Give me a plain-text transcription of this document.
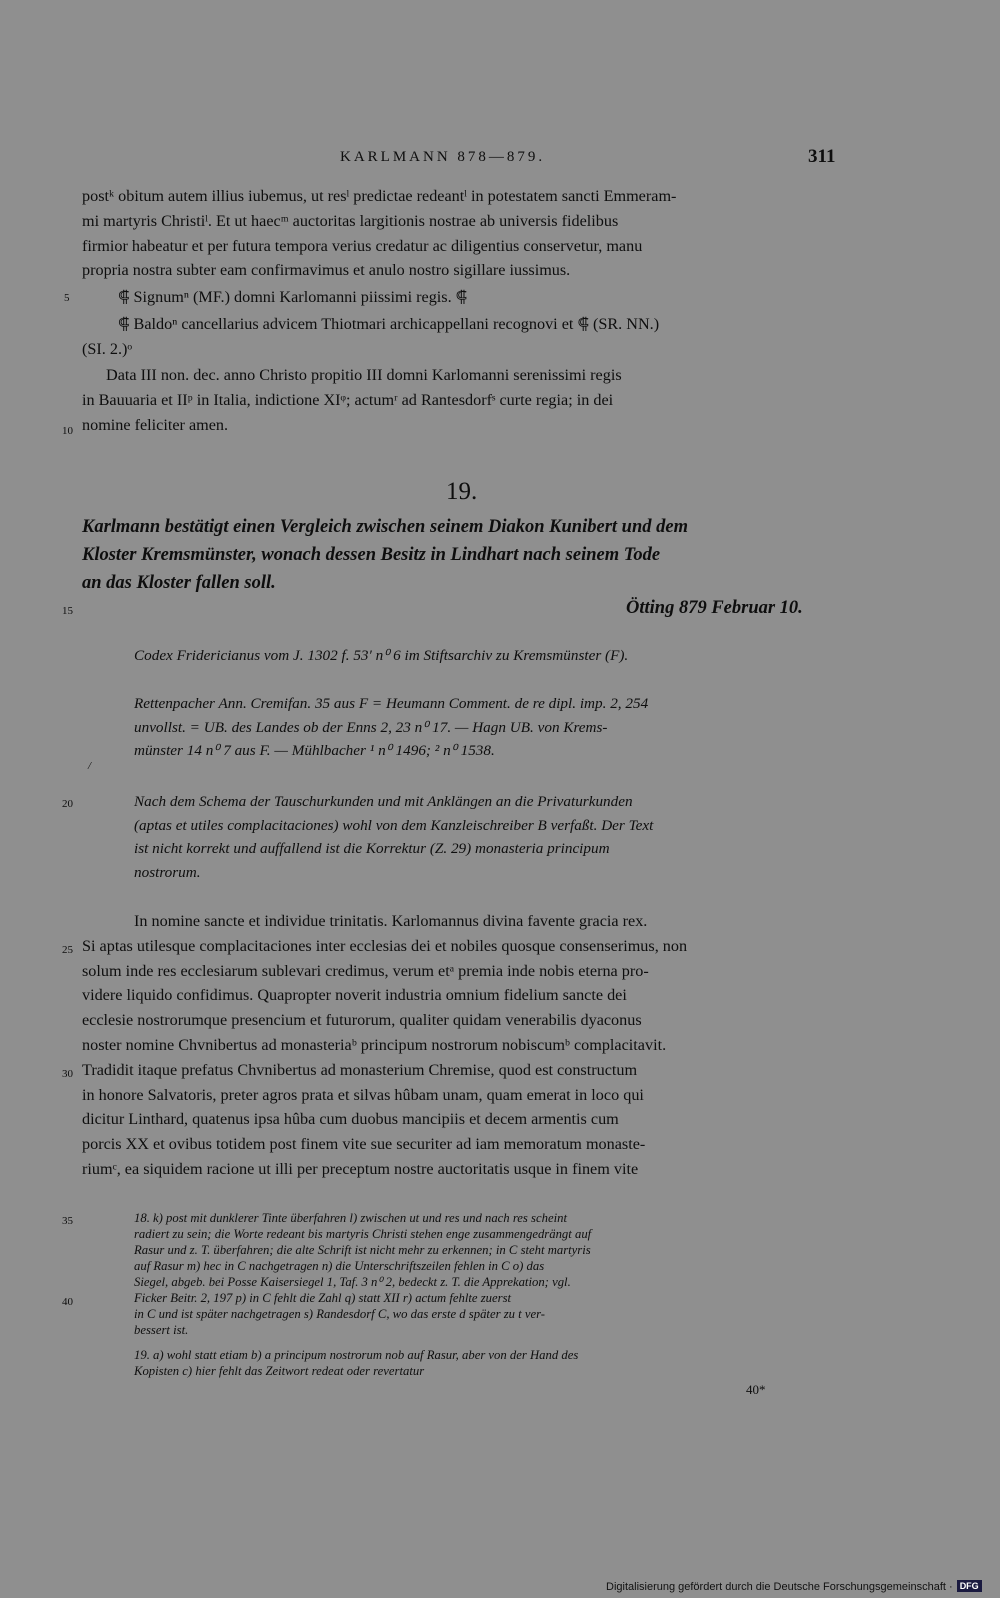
KARLMANN 878—879.	311
postᵏ obitum autem illius iubemus, ut resˡ predictae redeantˡ in potestatem sancti Emmeram-
mi martyris Christiˡ. Et ut haecᵐ auctoritas largitionis nostrae ab universis fidelibus
firmior habeatur et per futura tempora verius credatur ac diligentius conservetur, manu
propria nostra subter eam confirmavimus et anulo nostro sigillare iussimus.
5	⸿ Signumⁿ (MF.) domni Karlomanni piissimi regis. ⸿
⸿ Baldoⁿ cancellarius advicem Thiotmari archicappellani recognovi et ⸿ (SR. NN.)
(SI. 2.)ᵒ
Data III non. dec. anno Christo propitio III domni Karlomanni serenissimi regis
in Bauuaria et IIᵖ in Italia, indictione XIᵠ; actumʳ ad Rantesdorfˢ curte regia; in dei
nomine feliciter amen.
10
19.
Karlmann bestätigt einen Vergleich zwischen seinem Diakon Kunibert und dem
Kloster Kremsmünster, wonach dessen Besitz in Lindhart nach seinem Tode
an das Kloster fallen soll.
15	Ötting 879 Februar 10.
Codex Fridericianus vom J. 1302 f. 53′ n⁰ 6 im Stiftsarchiv zu Kremsmünster (F).
Rettenpacher Ann. Cremifan. 35 aus F = Heumann Comment. de re dipl. imp. 2, 254
unvollst. = UB. des Landes ob der Enns 2, 23 n⁰ 17. — Hagn UB. von Krems-
münster 14 n⁰ 7 aus F. — Mühlbacher ¹ n⁰ 1496; ² n⁰ 1538.
/
20	Nach dem Schema der Tauschurkunden und mit Anklängen an die Privaturkunden
(aptas et utiles complacitaciones) wohl von dem Kanzleischreiber B verfaßt. Der Text
ist nicht korrekt und auffallend ist die Korrektur (Z. 29) monasteria principum
nostrorum.
In nomine sancte et individue trinitatis. Karlomannus divina favente gracia rex.
Si aptas utilesque complacitaciones inter ecclesias dei et nobiles quosque consenserimus, non
solum inde res ecclesiarum sublevari credimus, verum etᵃ premia inde nobis eterna pro-
videre liquido confidimus. Quapropter noverit industria omnium fidelium sancte dei
ecclesie nostrorumque presencium et futurorum, qualiter quidam venerabilis dyaconus
noster nomine Chvnibertus ad monasteriaᵇ principum nostrorum nobiscumᵇ complacitavit.
Tradidit itaque prefatus Chvnibertus ad monasterium Chremise, quod est constructum
in honore Salvatoris, preter agros prata et silvas hûbam unam, quam emerat in loco qui
dicitur Linthard, quatenus ipsa hûba cum duobus mancipiis et decem armentis cum
porcis XX et ovibus totidem post finem vite sue securiter ad iam memoratum monaste-
riumᶜ, ea siquidem racione ut illi per preceptum nostre auctoritatis usque in finem vite
25
30
35
40
18. k) post mit dunklerer Tinte überfahren l) zwischen ut und res und nach res scheint
radiert zu sein; die Worte redeant bis martyris Christi stehen enge zusammengedrängt auf
Rasur und z. T. überfahren; die alte Schrift ist nicht mehr zu erkennen; in C steht martyris
auf Rasur m) hec in C nachgetragen n) die Unterschriftszeilen fehlen in C o) das
Siegel, abgeb. bei Posse Kaisersiegel 1, Taf. 3 n⁰ 2, bedeckt z. T. die Apprekation; vgl.
Ficker Beitr. 2, 197 p) in C fehlt die Zahl q) statt XII r) actum fehlte zuerst
in C und ist später nachgetragen s) Randesdorf C, wo das erste d später zu t ver-
bessert ist.
19. a) wohl statt etiam b) a principum nostrorum nob auf Rasur, aber von der Hand des
Kopisten c) hier fehlt das Zeitwort redeat oder revertatur
40*
Digitalisierung gefördert durch die Deutsche Forschungsgemeinschaft · DFG
